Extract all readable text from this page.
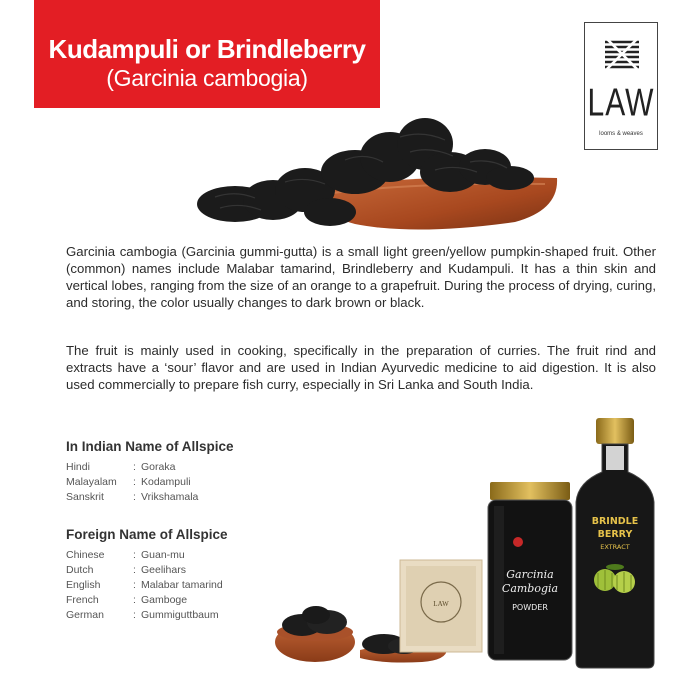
Kudampuli or Brindleberry
(Garcinia cambogia)
LAW
looms & weaves

Garcinia cambogia (Garcinia gummi-gutta) is a small light green/yellow pumpkin-shaped fruit. Other (common) names include Malabar tamarind, Brindleberry and Kudampuli. It has a thin skin and vertical lobes, ranging from the size of an orange to a grapefruit. During the process of drying, curing, and storing, the color usually changes to dark brown or black.

The fruit is mainly used in cooking, specifically in the preparation of curries. The fruit rind and extracts have a ‘sour’ flavor and are used in Indian Ayurvedic medicine to aid digestion. It is also used commercially to prepare fish curry, especially in Sri Lanka and South India.

In Indian Name of Allspice
Hindi	: Goraka
Malayalam	: Kodampuli
Sanskrit	: Vrikshamala
Foreign Name of Allspice
Chinese	: Guan-mu
Dutch	: Geelihars
English	: Malabar tamarind
French	: Gamboge
German	: Gummiguttbaum
LAW
Garcinia
Cambogia
POWDER
BRINDLE
BERRY
EXTRACT
